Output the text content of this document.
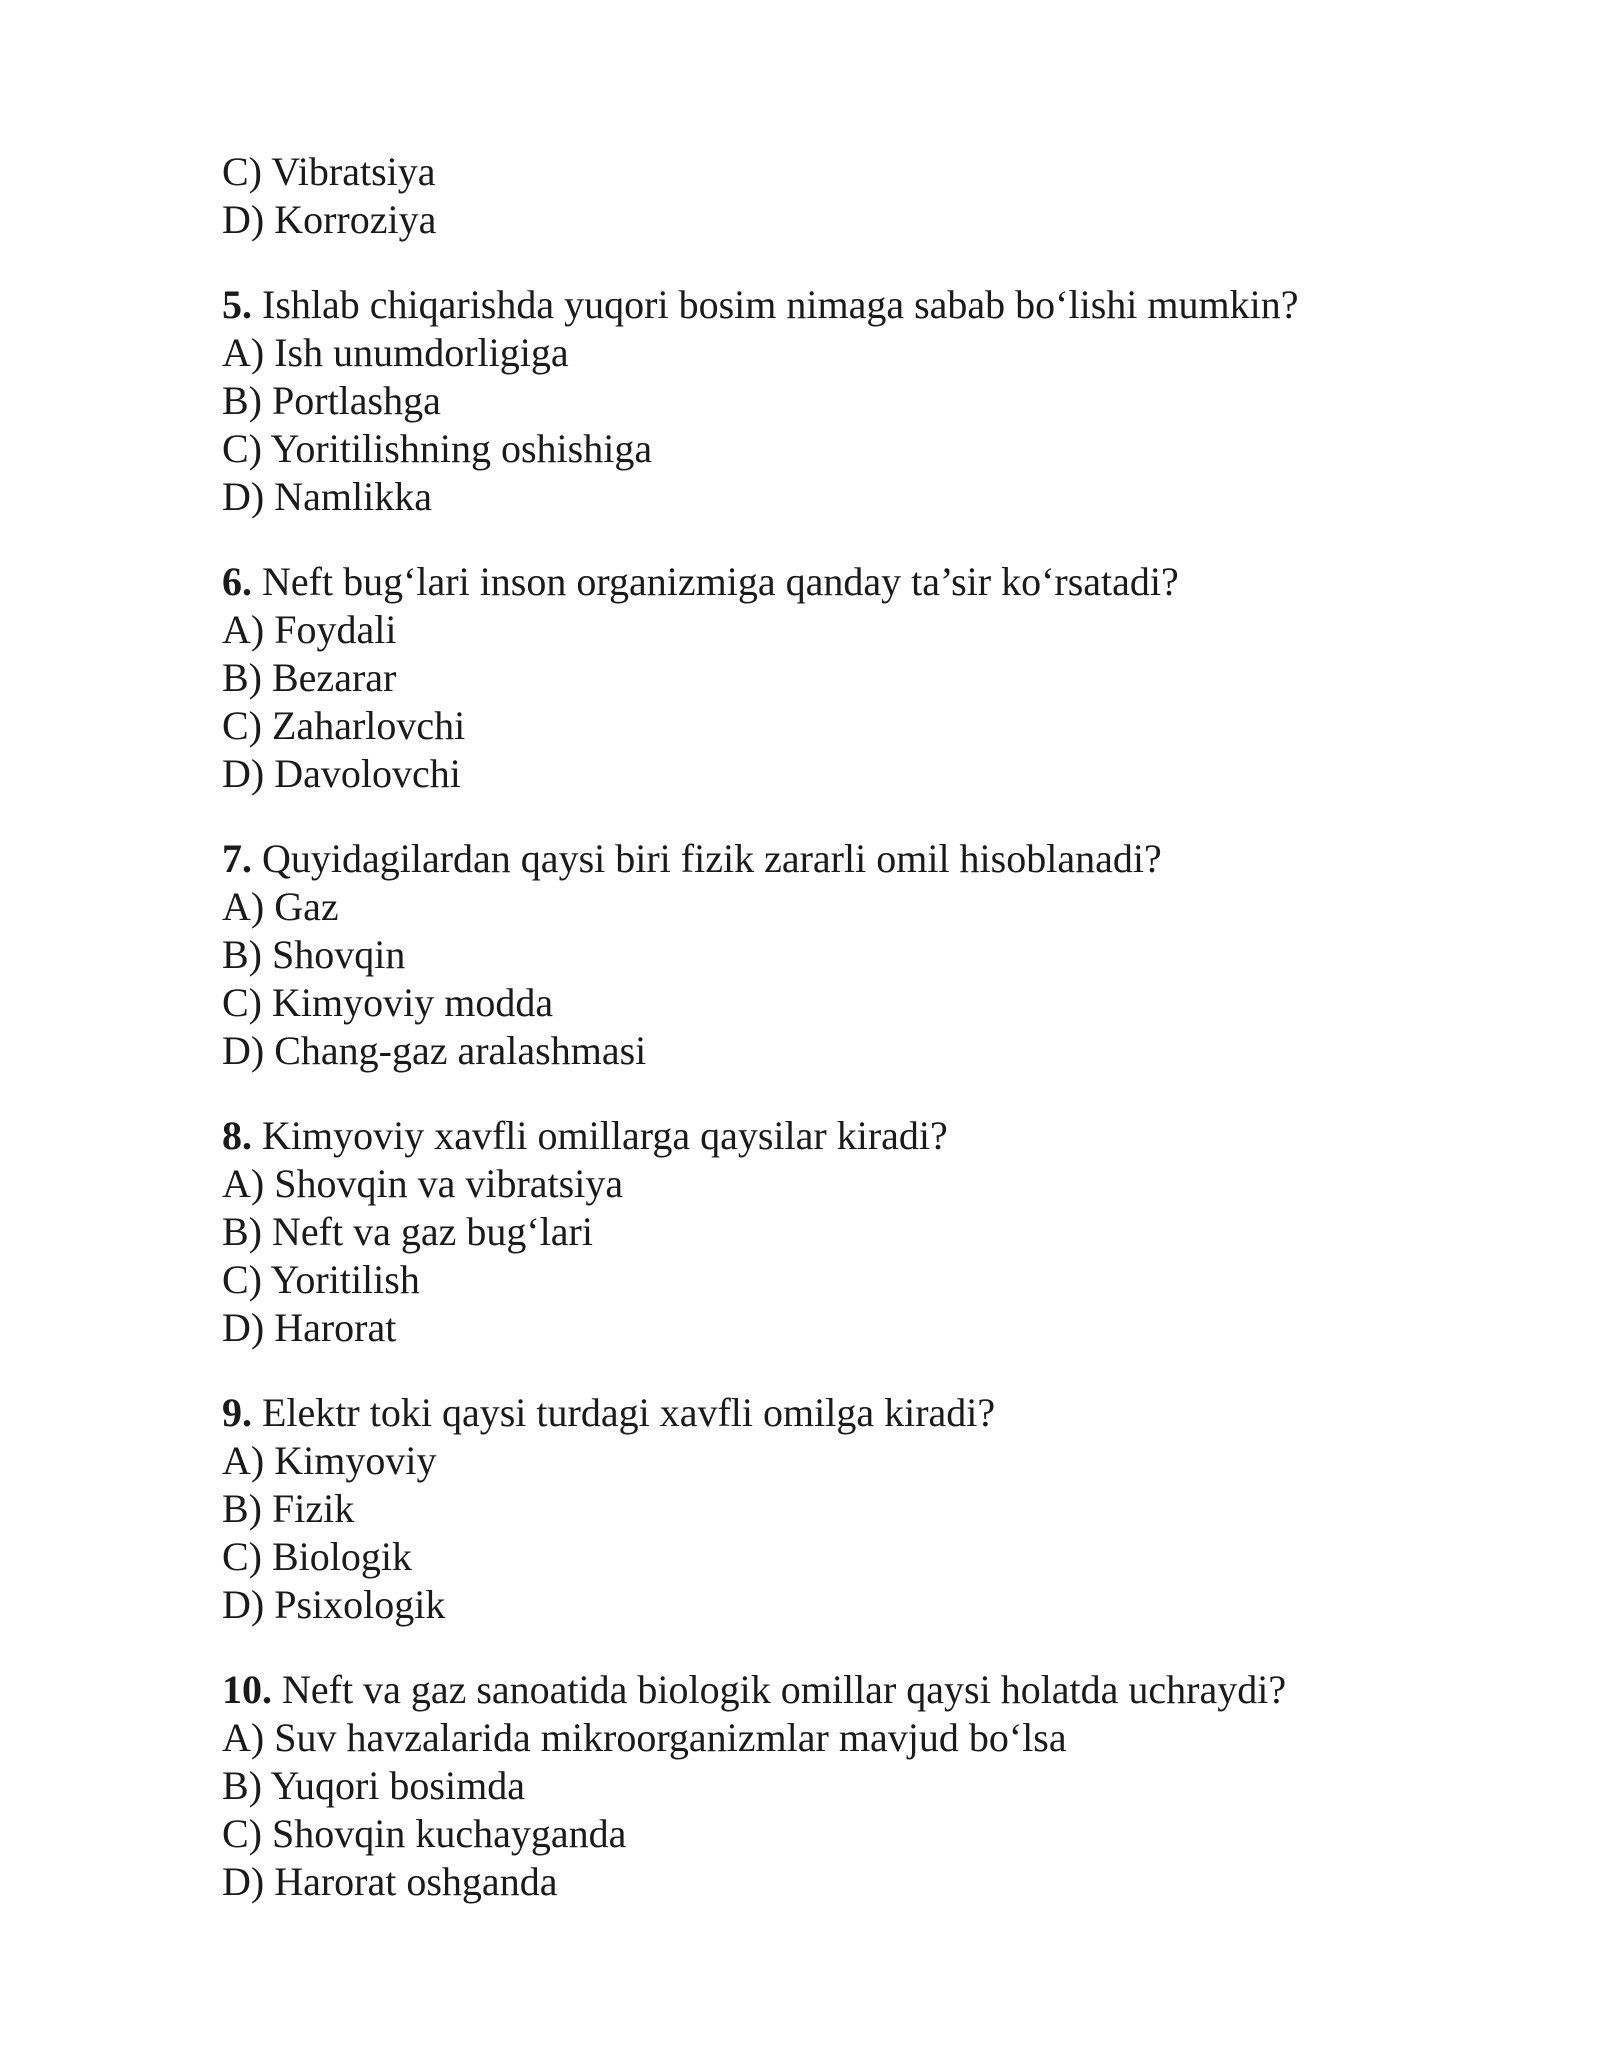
C) Vibratsiya
D) Korroziya
5. Ishlab chiqarishda yuqori bosim nimaga sabab bo‘lishi mumkin?
A) Ish unumdorligiga
B) Portlashga
C) Yoritilishning oshishiga
D) Namlikka
6. Neft bug‘lari inson organizmiga qanday ta’sir ko‘rsatadi?
A) Foydali
B) Bezarar
C) Zaharlovchi
D) Davolovchi
7. Quyidagilardan qaysi biri fizik zararli omil hisoblanadi?
A) Gaz
B) Shovqin
C) Kimyoviy modda
D) Chang-gaz aralashmasi
8. Kimyoviy xavfli omillarga qaysilar kiradi?
A) Shovqin va vibratsiya
B) Neft va gaz bug‘lari
C) Yoritilish
D) Harorat
9. Elektr toki qaysi turdagi xavfli omilga kiradi?
A) Kimyoviy
B) Fizik
C) Biologik
D) Psixologik
10. Neft va gaz sanoatida biologik omillar qaysi holatda uchraydi?
A) Suv havzalarida mikroorganizmlar mavjud bo‘lsa
B) Yuqori bosimda
C) Shovqin kuchayganda
D) Harorat oshganda
